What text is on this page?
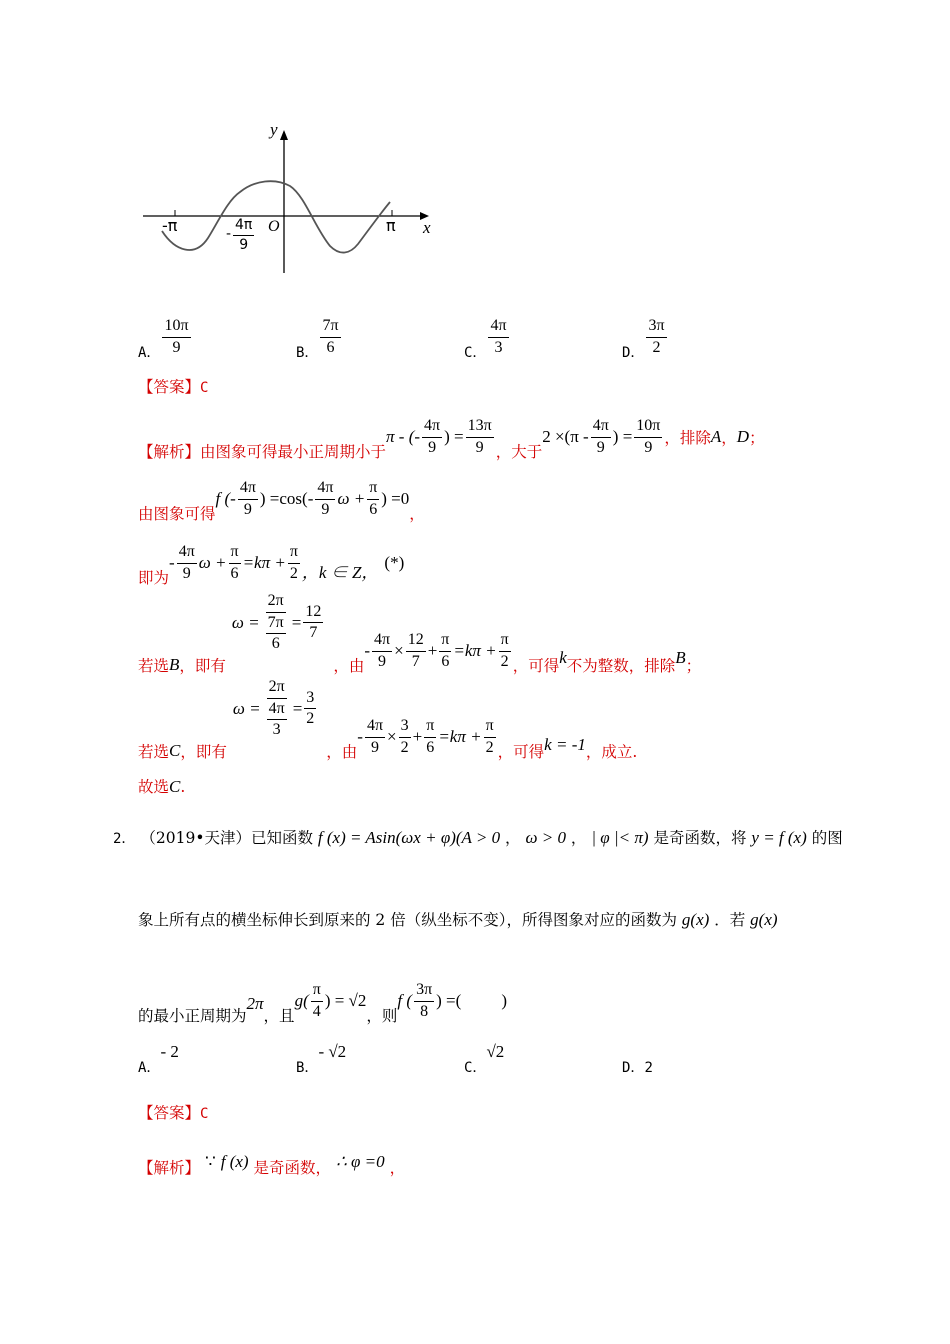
y
x
O
-π	π
- $\frac{4\pi}{9}$
A． $\frac{10\pi}{9}$	B． $\frac{7\pi}{6}$	C． $\frac{4\pi}{3}$	D． $\frac{3\pi}{2}$
【答案】C
【解析】 由图象可得最小正周期小于
π - (- $\frac{4\pi}{9}$ ) = $\frac{13\pi}{9}$ ，大于
$2 \times(\pi - \frac{4\pi}{9}$ ) = $\frac{10\pi}{9}$ ，排除 A ， D ；
由图象可得
f (- $\frac{4\pi}{9}$ ) $=\cos(- \frac{4\pi}{9}$ $\omega + \frac{\pi}{6}$ ) =0
，
即为
- $\frac{4\pi}{9}$ $\omega + \frac{\pi}{6} =k\pi + \frac{\pi}{2}$ ，k ∈ Z， (*)
若选 B ，即有
$\omega = \frac{2\pi}{\frac{7\pi}{6}} = \frac{12}{7}$
，由
- $\frac{4\pi}{9} \times \frac{12}{7} + \frac{\pi}{6} =k\pi + \frac{\pi}{2}$ ，可得 k 不为整数，排除 B ；
若选 C ，即有
$\omega = \frac{2\pi}{\frac{4\pi}{3}} = \frac{3}{2}$
，由
- $\frac{4\pi}{9} \times \frac{3}{2} + \frac{\pi}{6} =k\pi + \frac{\pi}{2}$ ，可得 k = -1 ，成立.
故选C.
2． （2019•天津）已知函数 f (x) = Asin(ωx + φ)(A > 0 ， ω > 0 ， | φ |< π) 是奇函数，将 y = f (x) 的图
象上所有点的横坐标伸长到原来的 2 倍（纵坐标不变），所得图象对应的函数为 g(x) ．若 g(x)
的最小正周期为
2π
，且
$g( \frac{\pi}{4}$ ) = √2
，则
f ( $\frac{3\pi}{8}$ ) =( )
A．- 2
B．- √2
C．√2
D．2
【答案】C
【解析】 ∵ f (x) 是奇函数， ∴ φ =0 ，
